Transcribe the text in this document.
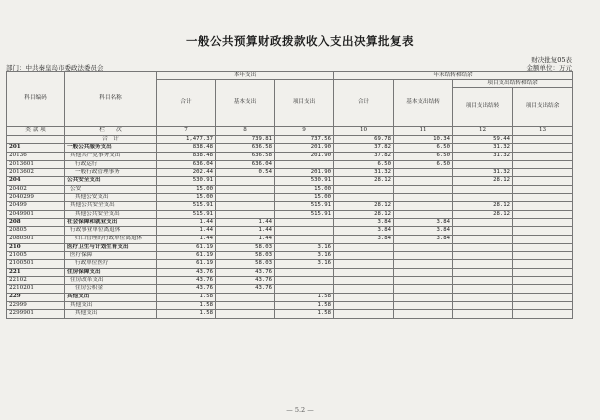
一般公共预算财政拨款收入支出决算批复表
财决批复05表
部门：中共秦皇岛市委政法委员会	金额单位：万元
科目编码	科目名称	本年支出			年末结转和结余			
		合计	基本支出	项目支出	合计	基本支出结转	项目支出结转和结余	
							项目支出结转	项目支出结余
类 款 项	栏　　次	7	8	9	10	11	12	13
	合　计	1,477.37	739.81	737.56	69.78	10.34	59.44	
201	一般公共服务支出	838.48	636.58	201.90	37.82	6.50	31.32	
20136	其他共产党事务支出	838.48	636.58	201.90	37.82	6.50	31.32	
2013601	行政运行	636.04	636.04		6.50	6.50		
2013602	一般行政管理事务	202.44	0.54	201.90	31.32		31.32	
204	公共安全支出	530.91		530.91	28.12		28.12	
20402	公安	15.00		15.00				
2040299	其他公安支出	15.00		15.00				
20499	其他公共安全支出	515.91		515.91	28.12		28.12	
2049901	其他公共安全支出	515.91		515.91	28.12		28.12	
208	社会保障和就业支出	1.44	1.44		3.84	3.84		
20805	行政事业单位离退休	1.44	1.44		3.84	3.84		
2080501	归口管理的行政单位离退休	1.44	1.44		3.84	3.84		
210	医疗卫生与计划生育支出	61.19	58.03	3.16				
21005	医疗保障	61.19	58.03	3.16				
2100501	行政单位医疗	61.19	58.03	3.16				
221	住房保障支出	43.76	43.76					
22102	住房改革支出	43.76	43.76					
2210201	住房公积金	43.76	43.76					
229	其他支出	1.58		1.58				
22999	其他支出	1.58		1.58				
2299901	其他支出	1.58		1.58				
— 5.2 —
